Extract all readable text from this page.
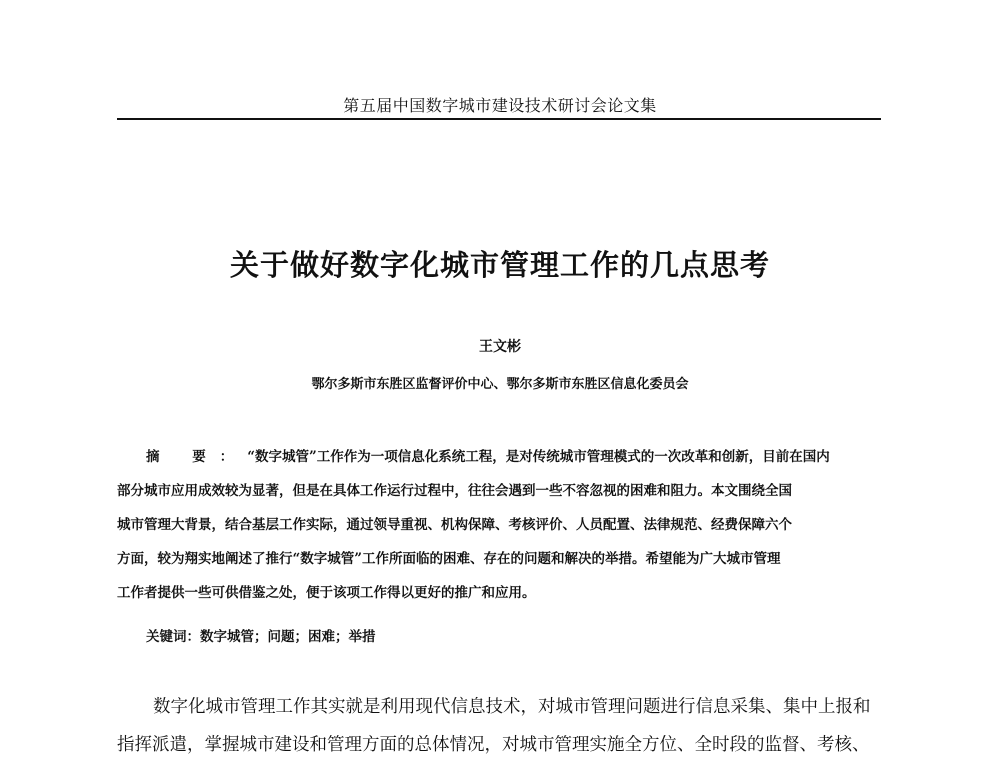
第五届中国数字城市建设技术研讨会论文集
关于做好数字化城市管理工作的几点思考
王文彬
鄂尔多斯市东胜区监督评价中心、鄂尔多斯市东胜区信息化委员会
摘 要：“数字城管”工作作为一项信息化系统工程，是对传统城市管理模式的一次改革和创新，目前在国内
部分城市应用成效较为显著，但是在具体工作运行过程中，往往会遇到一些不容忽视的困难和阻力。本文围绕全国
城市管理大背景，结合基层工作实际，通过领导重视、机构保障、考核评价、人员配置、法律规范、经费保障六个
方面，较为翔实地阐述了推行“数字城管”工作所面临的困难、存在的问题和解决的举措。希望能为广大城市管理
工作者提供一些可供借鉴之处，便于该项工作得以更好的推广和应用。
关键词：数字城管；问题；困难；举措
数字化城市管理工作其实就是利用现代信息技术，对城市管理问题进行信息采集、集中上报和
指挥派遣，掌握城市建设和管理方面的总体情况，对城市管理实施全方位、全时段的监督、考核、
